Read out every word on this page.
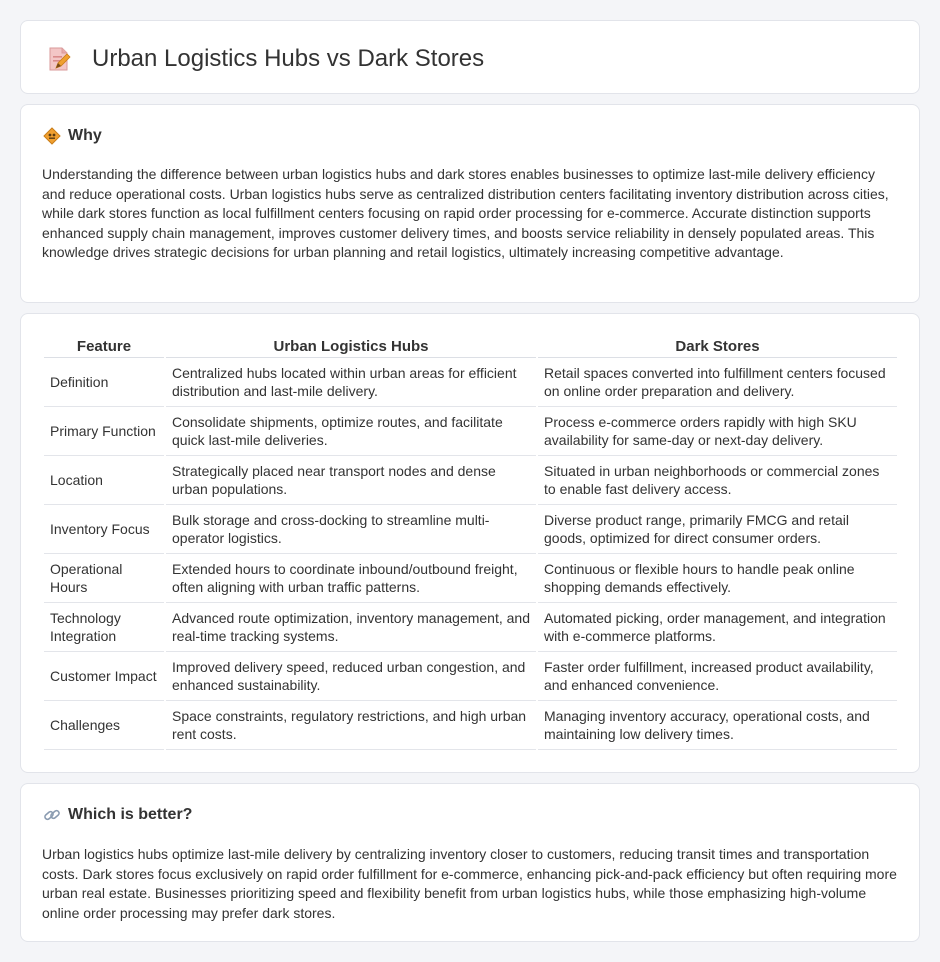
Urban Logistics Hubs vs Dark Stores
Why

Understanding the difference between urban logistics hubs and dark stores enables businesses to optimize last-mile delivery efficiency and reduce operational costs. Urban logistics hubs serve as centralized distribution centers facilitating inventory distribution across cities, while dark stores function as local fulfillment centers focusing on rapid order processing for e-commerce. Accurate distinction supports enhanced supply chain management, improves customer delivery times, and boosts service reliability in densely populated areas. This knowledge drives strategic decisions for urban planning and retail logistics, ultimately increasing competitive advantage.

Feature	Urban Logistics Hubs	Dark Stores
Definition	Centralized hubs located within urban areas for efficient distribution and last-mile delivery.	Retail spaces converted into fulfillment centers focused on online order preparation and delivery.
Primary Function	Consolidate shipments, optimize routes, and facilitate quick last-mile deliveries.	Process e-commerce orders rapidly with high SKU availability for same-day or next-day delivery.
Location	Strategically placed near transport nodes and dense urban populations.	Situated in urban neighborhoods or commercial zones to enable fast delivery access.
Inventory Focus	Bulk storage and cross-docking to streamline multi-operator logistics.	Diverse product range, primarily FMCG and retail goods, optimized for direct consumer orders.
Operational Hours	Extended hours to coordinate inbound/outbound freight, often aligning with urban traffic patterns.	Continuous or flexible hours to handle peak online shopping demands effectively.
Technology Integration	Advanced route optimization, inventory management, and real-time tracking systems.	Automated picking, order management, and integration with e-commerce platforms.
Customer Impact	Improved delivery speed, reduced urban congestion, and enhanced sustainability.	Faster order fulfillment, increased product availability, and enhanced convenience.
Challenges	Space constraints, regulatory restrictions, and high urban rent costs.	Managing inventory accuracy, operational costs, and maintaining low delivery times.
Which is better?

Urban logistics hubs optimize last-mile delivery by centralizing inventory closer to customers, reducing transit times and transportation costs. Dark stores focus exclusively on rapid order fulfillment for e-commerce, enhancing pick-and-pack efficiency but often requiring more urban real estate. Businesses prioritizing speed and flexibility benefit from urban logistics hubs, while those emphasizing high-volume online order processing may prefer dark stores.
